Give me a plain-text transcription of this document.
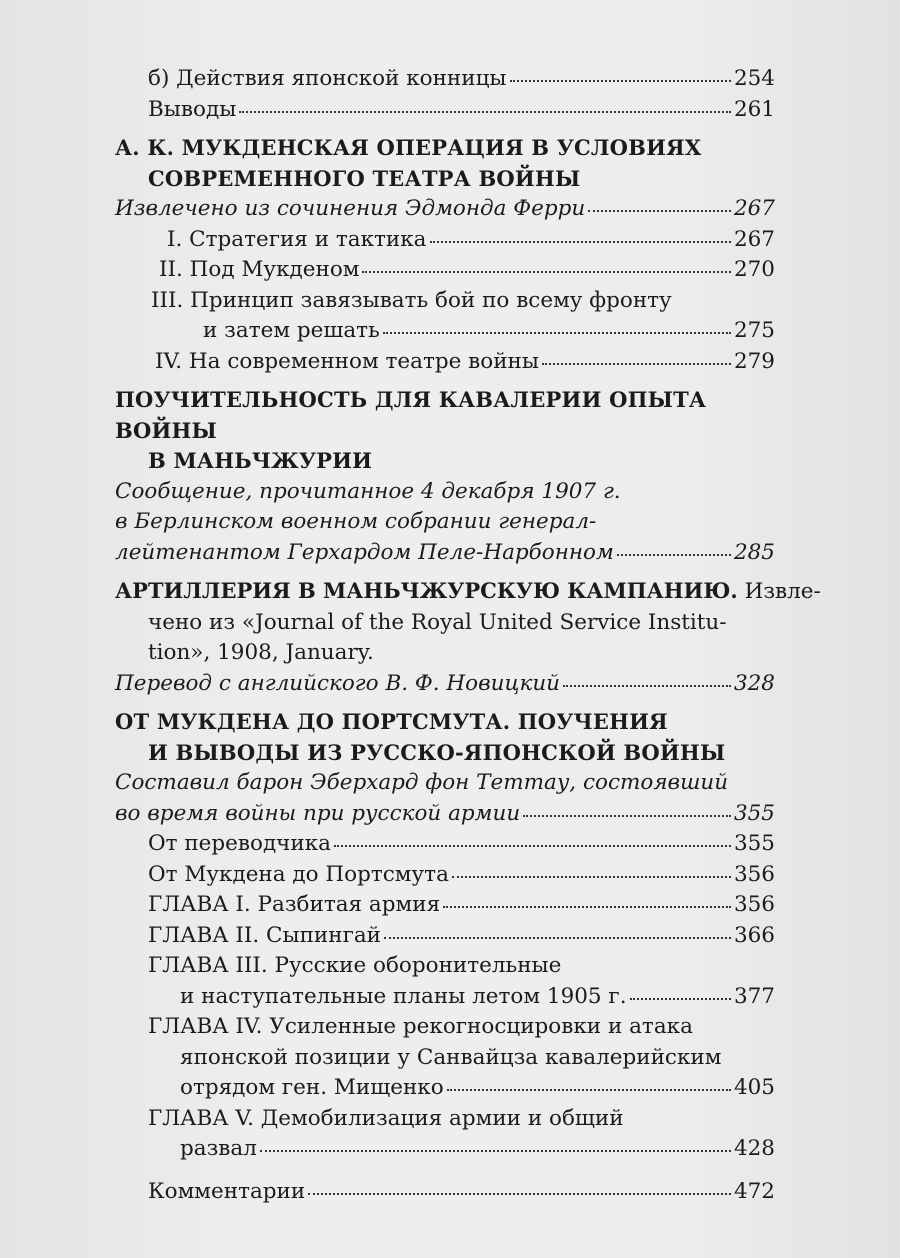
б) Действия японской конницы	254
Выводы	261
А. К. МУКДЕНСКАЯ ОПЕРАЦИЯ В УСЛОВИЯХ
СОВРЕМЕННОГО ТЕАТРА ВОЙНЫ
Извлечено из сочинения Эдмонда Ферри	267
I. Стратегия и тактика	267
II. Под Мукденом	270
III. Принцип завязывать бой по всему фронту
и затем решать	275
IV. На современном театре войны	279
ПОУЧИТЕЛЬНОСТЬ ДЛЯ КАВАЛЕРИИ ОПЫТА ВОЙНЫ
В МАНЬЧЖУРИИ
Сообщение, прочитанное 4 декабря 1907 г.
в Берлинском военном собрании генерал-
лейтенантом Герхардом Пеле-Нарбонном	285
АРТИЛЛЕРИЯ В МАНЬЧЖУРСКУЮ КАМПАНИЮ. Извле-
чено из «Journal of the Royal United Service Institu-
tion», 1908, January.
Перевод с английского В. Ф. Новицкий	328
ОТ МУКДЕНА ДО ПОРТСМУТА. ПОУЧЕНИЯ
И ВЫВОДЫ ИЗ РУССКО-ЯПОНСКОЙ ВОЙНЫ
Составил барон Эберхард фон Теттау, состоявший
во время войны при русской армии	355
От переводчика	355
От Мукдена до Портсмута	356
ГЛАВА I. Разбитая армия	356
ГЛАВА II. Сыпингай	366
ГЛАВА III. Русские оборонительные
и наступательные планы летом 1905 г.	377
ГЛАВА IV. Усиленные рекогносцировки и атака
японской позиции у Санвайцза кавалерийским
отрядом ген. Мищенко	405
ГЛАВА V. Демобилизация армии и общий
развал	428
Комментарии	472
